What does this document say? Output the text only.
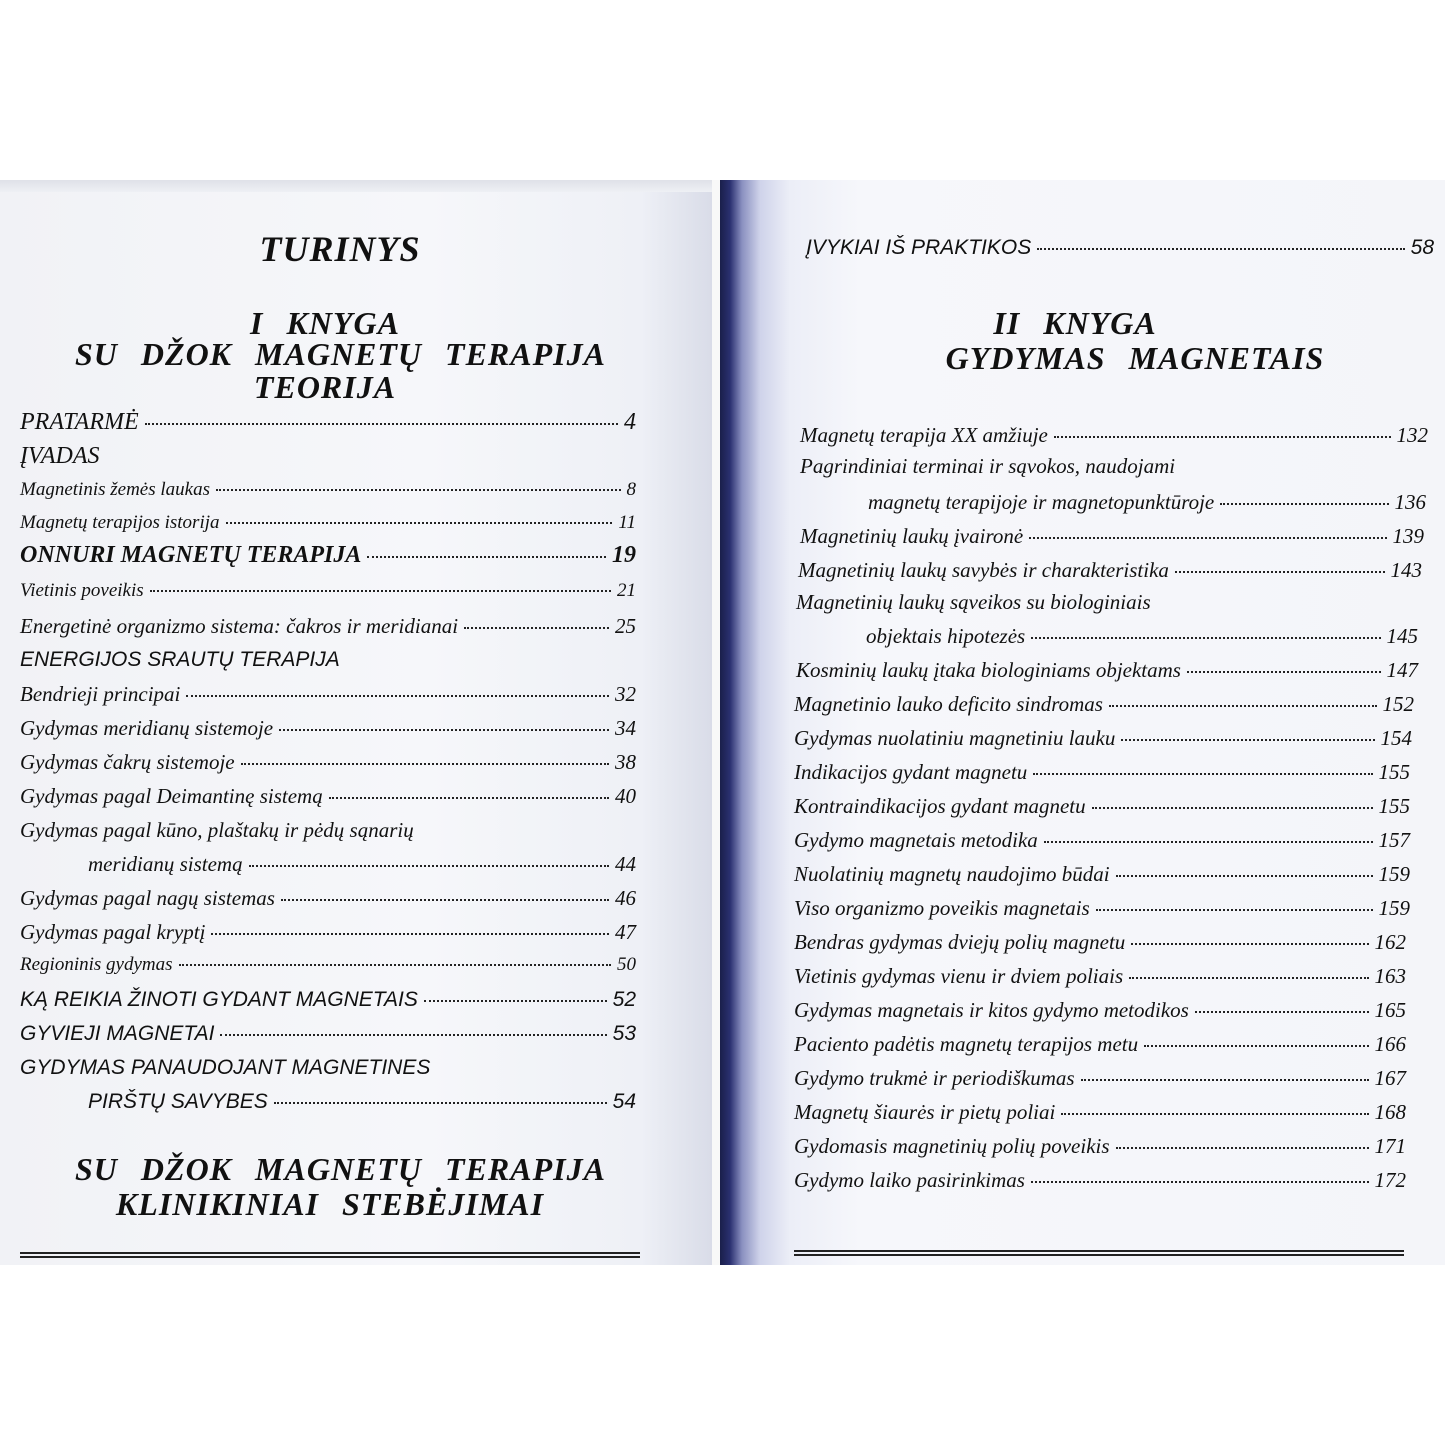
TURINYS
I KNYGA
SU DŽOK MAGNETŲ TERAPIJA
TEORIJA
PRATARMĖ	4
ĮVADAS
Magnetinis žemės laukas	8
Magnetų terapijos istorija	11
ONNURI MAGNETŲ TERAPIJA	19
Vietinis poveikis	21
Energetinė organizmo sistema: čakros ir meridianai	25
ENERGIJOS SRAUTŲ TERAPIJA
Bendrieji principai	32
Gydymas meridianų sistemoje	34
Gydymas čakrų sistemoje	38
Gydymas pagal Deimantinę sistemą	40
Gydymas pagal kūno, plaštakų ir pėdų sąnarių
meridianų sistemą	44
Gydymas pagal nagų sistemas	46
Gydymas pagal kryptį	47
Regioninis gydymas	50
KĄ REIKIA ŽINOTI GYDANT MAGNETAIS	52
GYVIEJI MAGNETAI	53
GYDYMAS PANAUDOJANT MAGNETINES
PIRŠTŲ SAVYBES	54
SU DŽOK MAGNETŲ TERAPIJA
KLINIKINIAI STEBĖJIMAI
ĮVYKIAI IŠ PRAKTIKOS	58
II KNYGA
GYDYMAS MAGNETAIS
Magnetų terapija XX amžiuje	132
Pagrindiniai terminai ir sąvokos, naudojami
magnetų terapijoje ir magnetopunktūroje	136
Magnetinių laukų įvaironė	139
Magnetinių laukų savybės ir charakteristika	143
Magnetinių laukų sąveikos su biologiniais
objektais hipotezės	145
Kosminių laukų įtaka biologiniams objektams	147
Magnetinio lauko deficito sindromas	152
Gydymas nuolatiniu magnetiniu lauku	154
Indikacijos gydant magnetu	155
Kontraindikacijos gydant magnetu	155
Gydymo magnetais metodika	157
Nuolatinių magnetų naudojimo būdai	159
Viso organizmo poveikis magnetais	159
Bendras gydymas dviejų polių magnetu	162
Vietinis gydymas vienu ir dviem poliais	163
Gydymas magnetais ir kitos gydymo metodikos	165
Paciento padėtis magnetų terapijos metu	166
Gydymo trukmė ir periodiškumas	167
Magnetų šiaurės ir pietų poliai	168
Gydomasis magnetinių polių poveikis	171
Gydymo laiko pasirinkimas	172
